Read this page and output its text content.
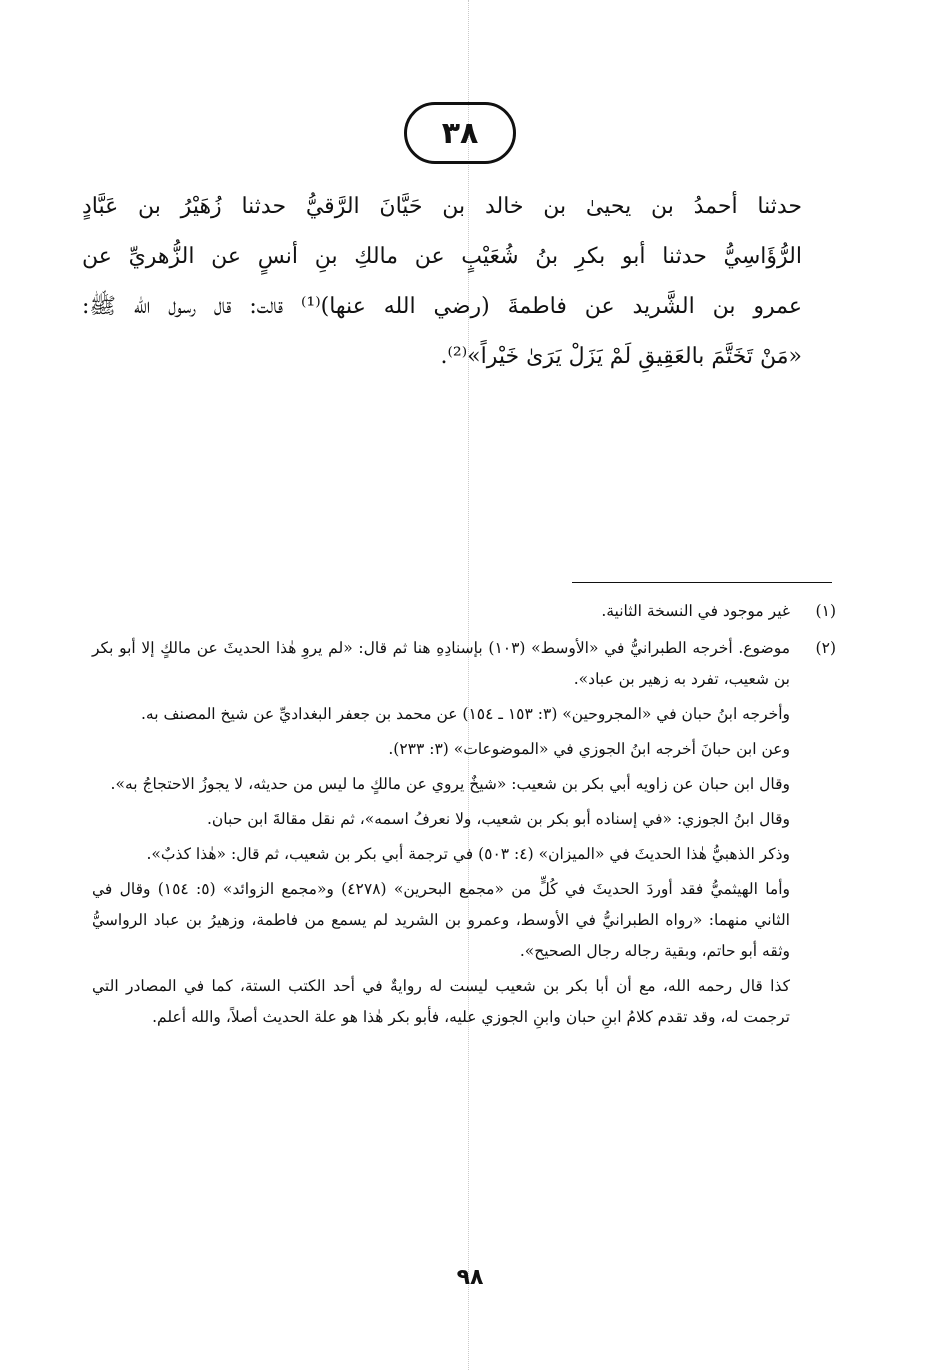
٣٨
حدثنا أحمدُ بن يحيىٰ بن خالد بن حَيَّانَ الرَّقيُّ حدثنا زُهَيْرُ بن عَبَّادٍ
الرُّؤَاسِيُّ حدثنا أبو بكرِ بنُ شُعَيْبٍ عن مالكِ بنِ أنسٍ عن الزُّهريِّ عن
عمرو بن الشَّريد عن فاطمةَ (رضي الله عنها)⁽¹⁾ قالت: قال رسول الله ﷺ:
«مَنْ تَخَتَّمَ بالعَقِيقِ لَمْ يَزَلْ يَرَىٰ خَيْراً»⁽²⁾.
(١)

غير موجود في النسخة الثانية.

(٢)

موضوع. أخرجه الطبرانيُّ في «الأوسط» (١٠٣) بإسنادِهِ هنا ثم قال: «لم يروِ هٰذا الحديثَ عن مالكٍ إلا أبو بكر بن شعيب، تفرد به زهير بن عباد».

وأخرجه ابنُ حبان في «المجروحين» (٣: ١٥٣ ـ ١٥٤) عن محمد بن جعفر البغداديِّ عن شيخ المصنف به.

وعن ابن حبانَ أخرجه ابنُ الجوزي في «الموضوعات» (٣: ٢٣٣).

وقال ابن حبان عن زاويه أبي بكر بن شعيب: «شيخٌ يروي عن مالكٍ ما ليس من حديثه، لا يجوزُ الاحتجاجُ به».

وقال ابنُ الجوزي: «في إسناده أبو بكر بن شعيب، ولا نعرفُ اسمه»، ثم نقل مقالةَ ابن حبان.

وذكر الذهبيُّ هٰذا الحديثَ في «الميزان» (٤: ٥٠٣) في ترجمة أبي بكر بن شعيب، ثم قال: «هٰذا كذبٌ».

وأما الهيثميُّ فقد أوردَ الحديثَ في كُلٍّ من «مجمع البحرين» (٤٢٧٨) و«مجمع الزوائد» (٥: ١٥٤) وقال في الثاني منهما: «رواه الطبرانيُّ في الأوسط، وعمرو بن الشريد لم يسمع من فاطمة، وزهيرُ بن عباد الرواسيُّ وثقه أبو حاتم، وبقية رجاله رجال الصحيح».

كذا قال رحمه الله، مع أن أبا بكر بن شعيب ليست له روايةٌ في أحد الكتب الستة، كما في المصادر التي ترجمت له، وقد تقدم كلامُ ابنِ حبان وابنِ الجوزي عليه، فأبو بكر هٰذا هو علة الحديث أصلاً، والله أعلم.

٩٨
